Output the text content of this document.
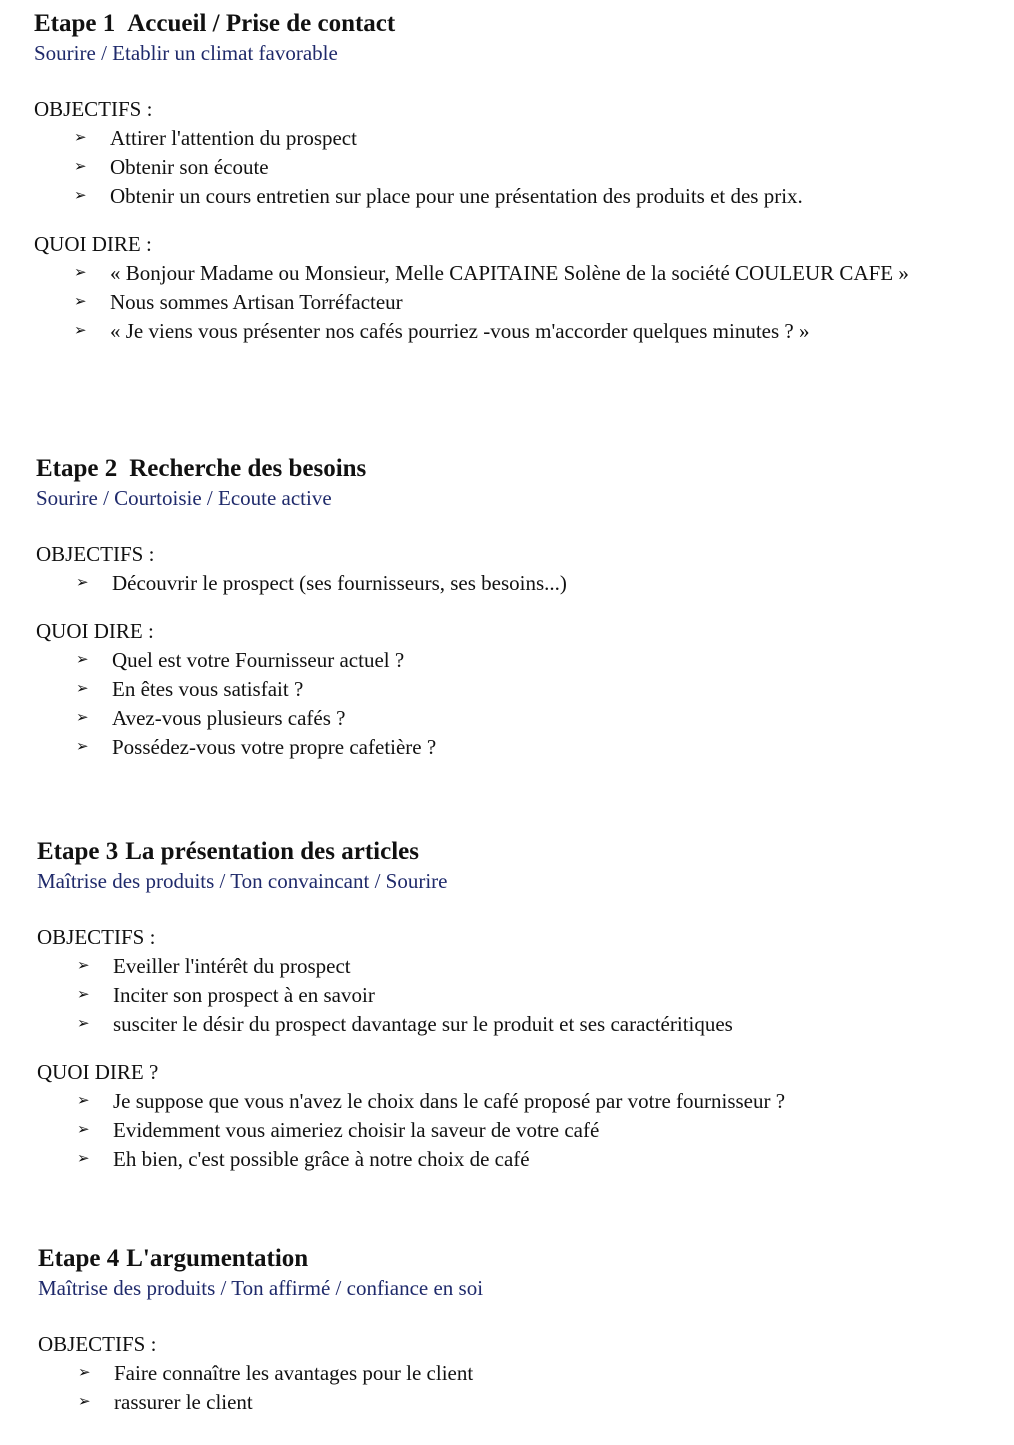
Etape 1 Accueil / Prise de contact

Sourire / Etablir un climat favorable

OBJECTIFS :

➢ Attirer l'attention du prospect
➢ Obtenir son écoute
➢ Obtenir un cours entretien sur place pour une présentation des produits et des prix.

QUOI DIRE :

➢ « Bonjour Madame ou Monsieur, Melle CAPITAINE Solène de la société COULEUR CAFE »
➢ Nous sommes Artisan Torréfacteur
➢ « Je viens vous présenter nos cafés pourriez -vous m'accorder quelques minutes ? »
Etape 2 Recherche des besoins

Sourire / Courtoisie / Ecoute active

OBJECTIFS :

➢ Découvrir le prospect (ses fournisseurs, ses besoins...)

QUOI DIRE :

➢ Quel est votre Fournisseur actuel ?
➢ En êtes vous satisfait ?
➢ Avez-vous plusieurs cafés ?
➢ Possédez-vous votre propre cafetière ?
Etape 3 La présentation des articles

Maîtrise des produits / Ton convaincant / Sourire

OBJECTIFS :

➢ Eveiller l'intérêt du prospect
➢ Inciter son prospect à en savoir
➢ susciter le désir du prospect davantage sur le produit et ses caractéritiques

QUOI DIRE ?

➢ Je suppose que vous n'avez le choix dans le café proposé par votre fournisseur ?
➢ Evidemment vous aimeriez choisir la saveur de votre café
➢ Eh bien, c'est possible grâce à notre choix de café
Etape 4 L'argumentation

Maîtrise des produits / Ton affirmé / confiance en soi

OBJECTIFS :

➢ Faire connaître les avantages pour le client
➢ rassurer le client
